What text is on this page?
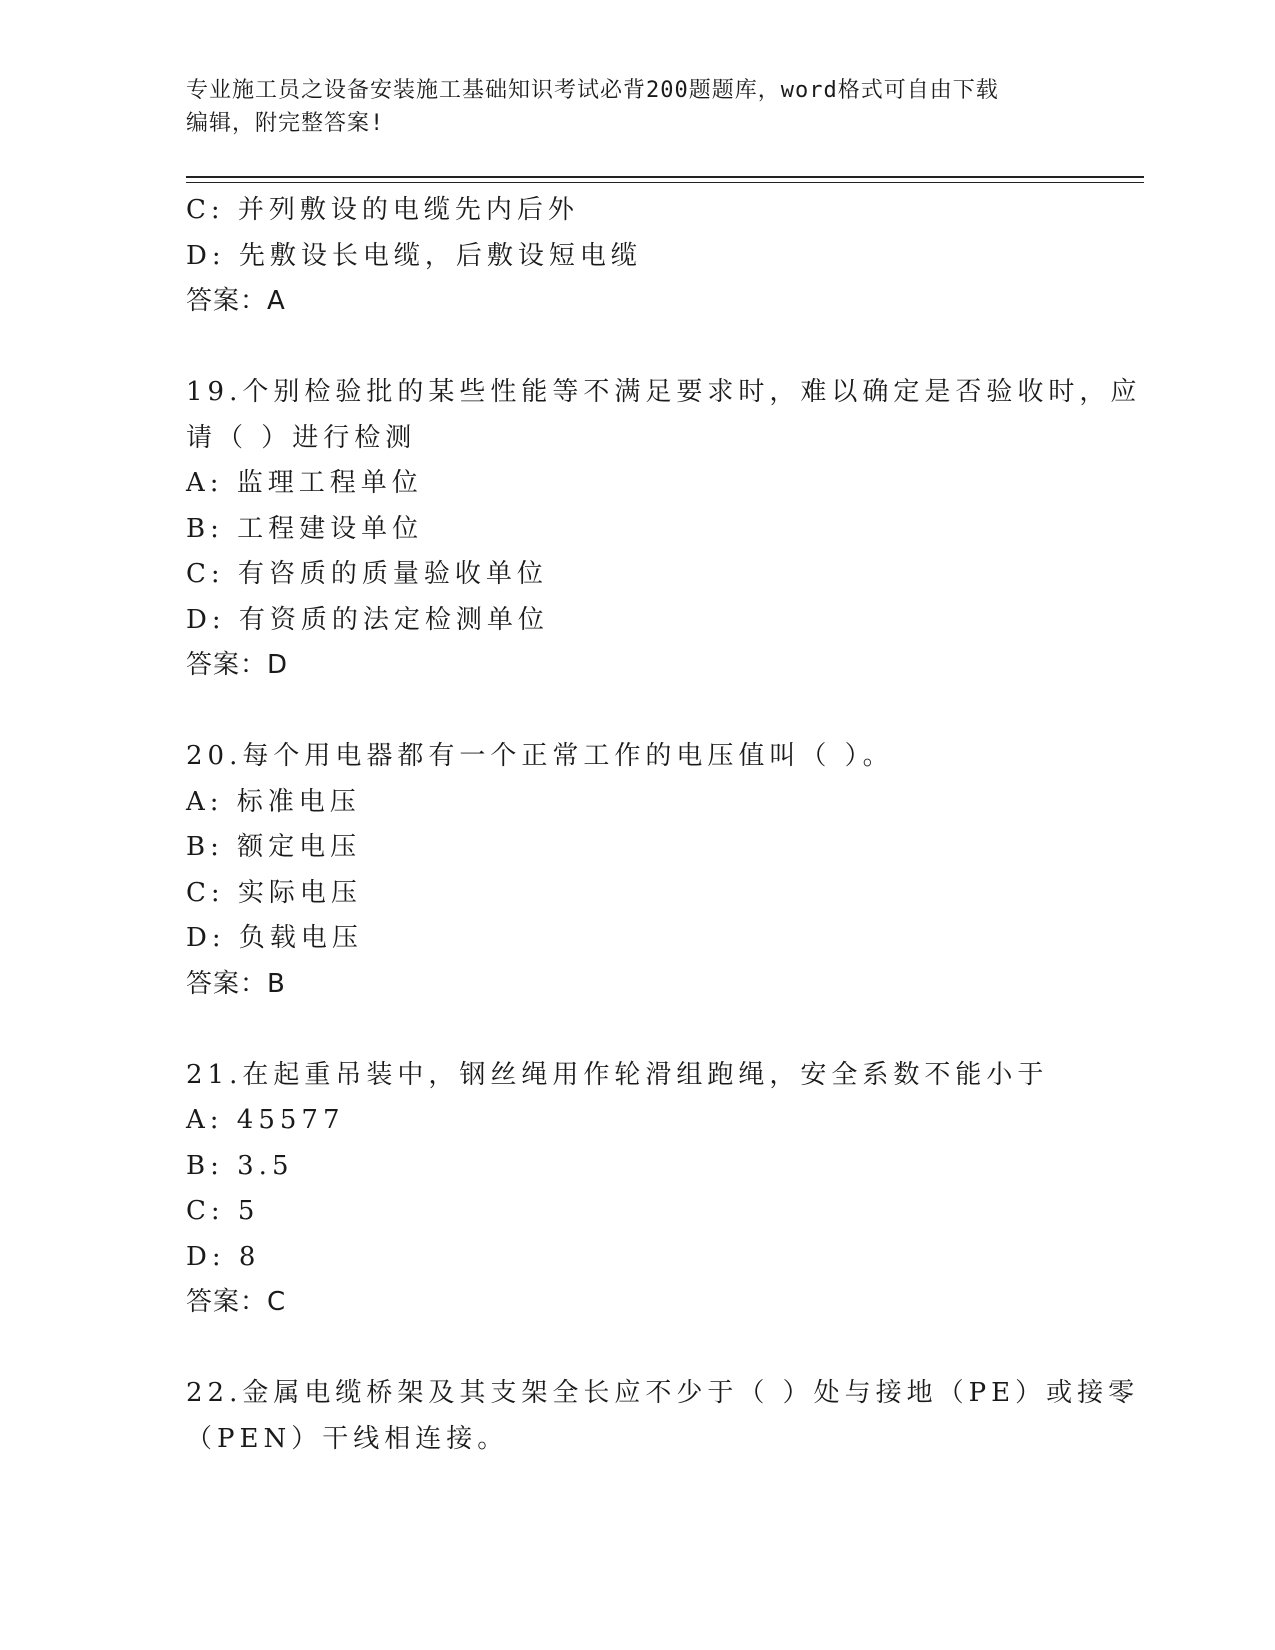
专业施工员之设备安装施工基础知识考试必背200题题库，word格式可自由下载
编辑，附完整答案!
C: 并列敷设的电缆先内后外
D: 先敷设长电缆，后敷设短电缆
答案：A
19.个别检验批的某些性能等不满足要求时，难以确定是否验收时，应
请（ ）进行检测
A: 监理工程单位
B: 工程建设单位
C: 有咨质的质量验收单位
D: 有资质的法定检测单位
答案：D
20.每个用电器都有一个正常工作的电压值叫（ ）。
A: 标准电压
B: 额定电压
C: 实际电压
D: 负载电压
答案：B
21.在起重吊装中，钢丝绳用作轮滑组跑绳，安全系数不能小于
A: 45577
B: 3.5
C: 5
D: 8
答案：C
22.金属电缆桥架及其支架全长应不少于（ ）处与接地（PE）或接零
（PEN）干线相连接。
